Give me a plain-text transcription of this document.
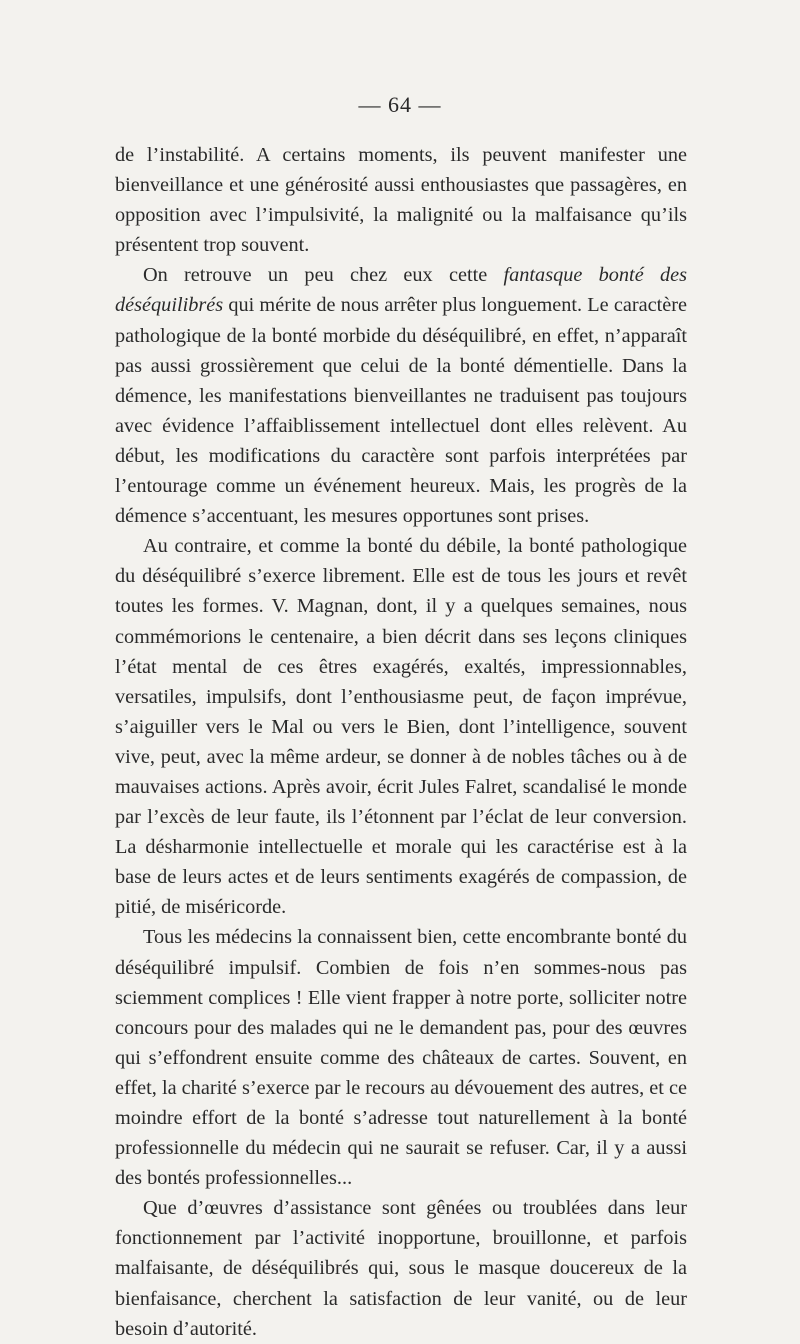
— 64 —

de l’instabilité. A certains moments, ils peuvent manifester une bienveillance et une générosité aussi enthousiastes que passagères, en opposition avec l’impulsivité, la malignité ou la malfaisance qu’ils présentent trop souvent.

On retrouve un peu chez eux cette fantasque bonté des déséquilibrés qui mérite de nous arrêter plus longuement. Le caractère pathologique de la bonté morbide du déséquilibré, en effet, n’apparaît pas aussi grossièrement que celui de la bonté démentielle. Dans la démence, les manifestations bienveillantes ne traduisent pas toujours avec évidence l’affaiblissement intellectuel dont elles relèvent. Au début, les modifications du caractère sont parfois interprétées par l’entourage comme un événement heureux. Mais, les progrès de la démence s’accentuant, les mesures opportunes sont prises.

Au contraire, et comme la bonté du débile, la bonté pathologique du déséquilibré s’exerce librement. Elle est de tous les jours et revêt toutes les formes. V. Magnan, dont, il y a quelques semaines, nous commémorions le centenaire, a bien décrit dans ses leçons cliniques l’état mental de ces êtres exagérés, exaltés, impressionnables, versatiles, impulsifs, dont l’enthousiasme peut, de façon imprévue, s’aiguiller vers le Mal ou vers le Bien, dont l’intelligence, souvent vive, peut, avec la même ardeur, se donner à de nobles tâches ou à de mauvaises actions. Après avoir, écrit Jules Falret, scandalisé le monde par l’excès de leur faute, ils l’étonnent par l’éclat de leur conversion. La désharmonie intellectuelle et morale qui les caractérise est à la base de leurs actes et de leurs sentiments exagérés de compassion, de pitié, de miséricorde.

Tous les médecins la connaissent bien, cette encombrante bonté du déséquilibré impulsif. Combien de fois n’en sommes-nous pas sciemment complices ! Elle vient frapper à notre porte, solliciter notre concours pour des malades qui ne le demandent pas, pour des œuvres qui s’effondrent ensuite comme des châteaux de cartes. Souvent, en effet, la charité s’exerce par le recours au dévouement des autres, et ce moindre effort de la bonté s’adresse tout naturellement à la bonté professionnelle du médecin qui ne saurait se refuser. Car, il y a aussi des bontés professionnelles...

Que d’œuvres d’assistance sont gênées ou troublées dans leur fonctionnement par l’activité inopportune, brouillonne, et parfois malfaisante, de déséquilibrés qui, sous le masque doucereux de la bienfaisance, cherchent la satisfaction de leur vanité, ou de leur besoin d’autorité.
